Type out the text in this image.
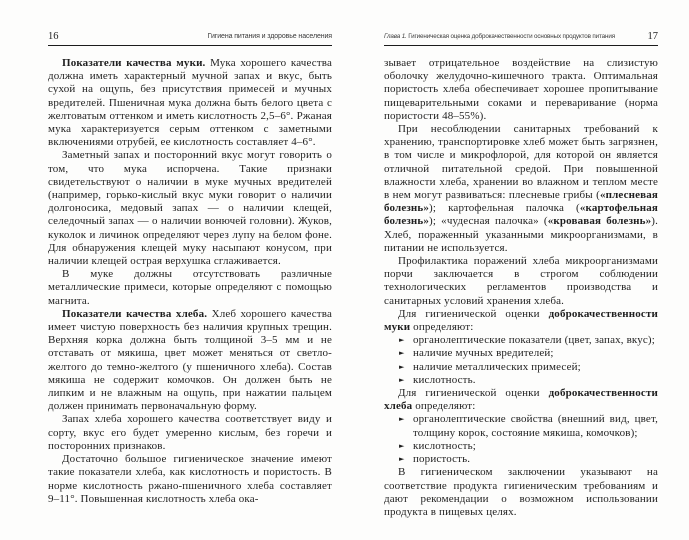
16	Гигиена питания и здоровье населения

Показатели качества муки. Мука хорошего качества должна иметь характерный мучной запах и вкус, быть сухой на ощупь, без присутствия примесей и мучных вредителей. Пшеничная мука должна быть белого цвета с желтоватым оттенком и иметь кислотность 2,5–6°. Ржаная мука характеризуется серым оттенком с заметными включениями отрубей, ее кислотность составляет 4–6°.

Заметный запах и посторонний вкус могут говорить о том, что мука испорчена. Такие признаки свидетельствуют о наличии в муке мучных вредителей (например, горько-кислый вкус муки говорит о наличии долгоносика, медовый запах — о наличии клещей, селедочный запах — о наличии вонючей головни). Жуков, куколок и личинок определяют через лупу на белом фоне. Для обнаружения клещей муку насыпают конусом, при наличии клещей острая верхушка сглаживается.

В муке должны отсутствовать различные металлические примеси, которые определяют с помощью магнита.

Показатели качества хлеба. Хлеб хорошего качества имеет чистую поверхность без наличия крупных трещин. Верхняя корка должна быть толщиной 3–5 мм и не отставать от мякиша, цвет может меняться от светло-желтого до темно-желтого (у пшеничного хлеба). Состав мякиша не содержит комочков. Он должен быть не липким и не влажным на ощупь, при нажатии пальцем должен принимать первоначальную форму.

Запах хлеба хорошего качества соответствует виду и сорту, вкус его будет умеренно кислым, без горечи и посторонних признаков.

Достаточно большое гигиеническое значение имеют такие показатели хлеба, как кислотность и пористость. В норме кислотность ржано-пшеничного хлеба составляет 9–11°. Повышенная кислотность хлеба ока-

Глава 1. Гигиеническая оценка доброкачественности основных продуктов питания	17

зывает отрицательное воздействие на слизистую оболочку желудочно-кишечного тракта. Оптимальная пористость хлеба обеспечивает хорошее пропитывание пищеварительными соками и переваривание (норма пористости 48–55%).

При несоблюдении санитарных требований к хранению, транспортировке хлеб может быть загрязнен, в том числе и микрофлорой, для которой он является отличной питательной средой. При повышенной влажности хлеба, хранении во влажном и теплом месте в нем могут развиваться: плесневые грибы («плесневая болезнь»); картофельная палочка («картофельная болезнь»); «чудесная палочка» («кровавая болезнь»). Хлеб, пораженный указанными микроорганизмами, в питании не используется.

Профилактика поражений хлеба микроорганизмами порчи заключается в строгом соблюдении технологических регламентов производства и санитарных условий хранения хлеба.

Для гигиенической оценки доброкачественности муки определяют:

► органолептические показатели (цвет, запах, вкус);
► наличие мучных вредителей;
► наличие металлических примесей;
► кислотность.

Для гигиенической оценки доброкачественности хлеба определяют:

► органолептические свойства (внешний вид, цвет, толщину корок, состояние мякиша, комочков);
► кислотность;
► пористость.

В гигиеническом заключении указывают на соответствие продукта гигиеническим требованиям и дают рекомендации о возможном использовании продукта в пищевых целях.
